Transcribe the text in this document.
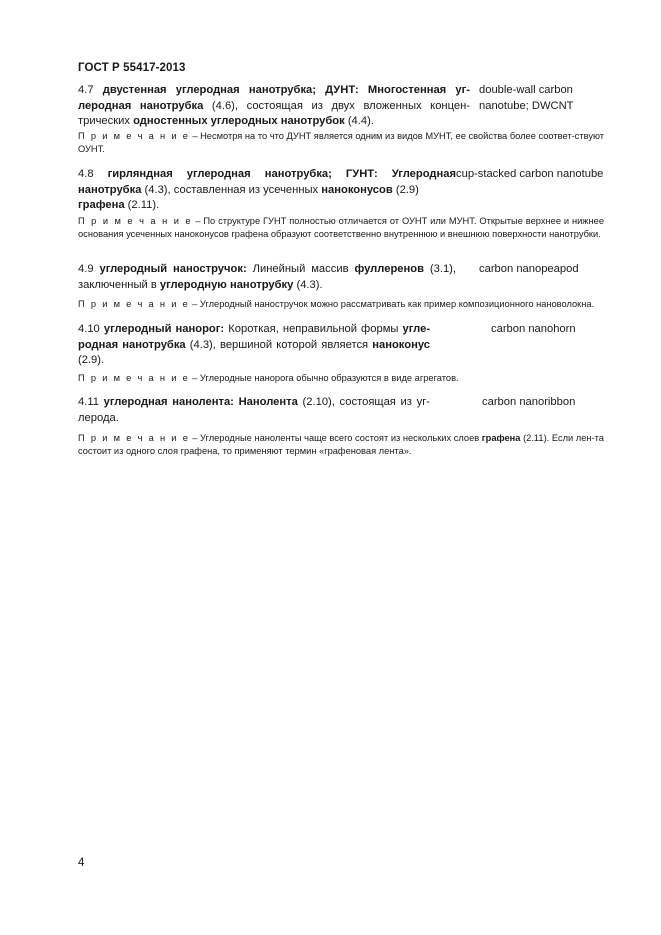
ГОСТ Р 55417-2013
4.7 двустенная углеродная нанотрубка; ДУНТ: Многостенная уг-леродная нанотрубка (4.6), состоящая из двух вложенных концен-трических одностенных углеродных нанотрубок (4.4).
double-wall carbon
nanotube; DWCNT
П р и м е ч а н и е – Несмотря на то что ДУНТ является одним из видов МУНТ, ее свойства более соответ-ствуют ОУНТ.
4.8 гирляндная углеродная нанотрубка; ГУНТ: Углеродная нанотрубка (4.3), составленная из усеченных наноконусов (2.9)
графена (2.11).
cup-stacked carbon nanotube
П р и м е ч а н и е – По структуре ГУНТ полностью отличается от ОУНТ или МУНТ. Открытые верхнее и нижнее основания усеченных наноконусов графена образуют соответственно внутреннюю и внешнюю поверхности нанотрубки.
4.9 углеродный наностручок: Линейный массив фуллеренов (3.1), заключенный в углеродную нанотрубку (4.3).
carbon nanopeapod
П р и м е ч а н и е – Углеродный наностручок можно рассматривать как пример композиционного нановолокна.
4.10 углеродный нанорог: Короткая, неправильной формы угле-родная нанотрубка (4.3), вершиной которой является наноконус (2.9).
carbon nanohorn
П р и м е ч а н и е – Углеродные нанорога обычно образуются в виде агрегатов.
4.11 углеродная нанолента: Нанолента (2.10), состоящая из уг-лерода.
carbon nanoribbon
П р и м е ч а н и е – Углеродные наноленты чаще всего состоят из нескольких слоев графена (2.11). Если лен-та состоит из одного слоя графена, то применяют термин «графеновая лента».
4
